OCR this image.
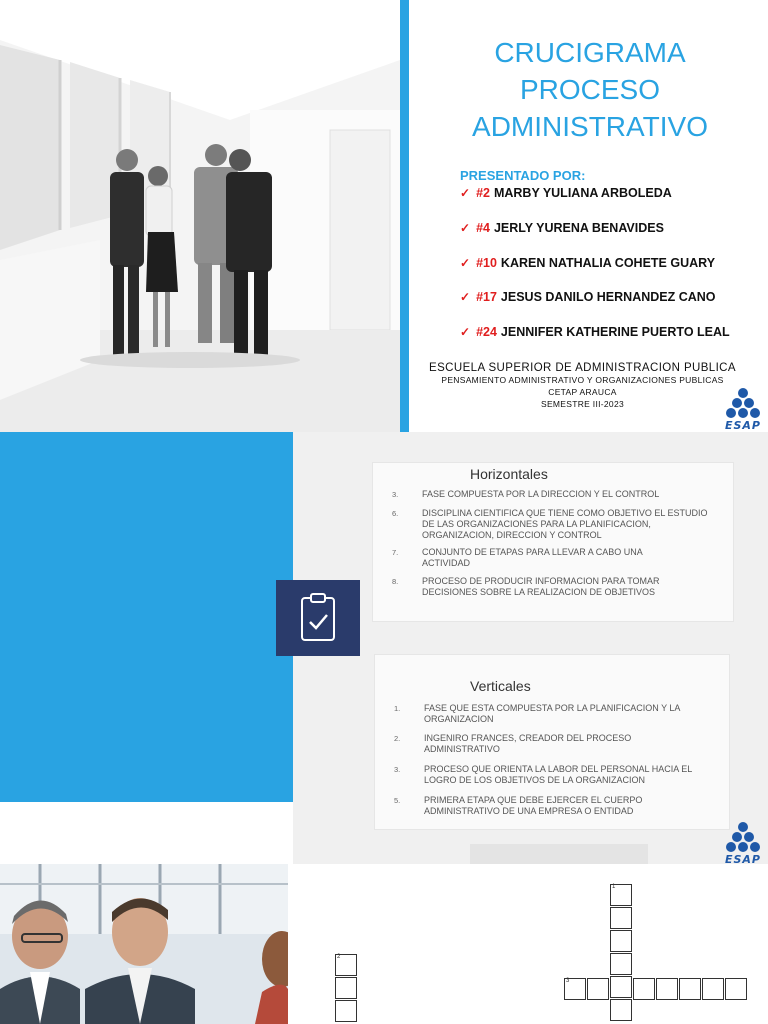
CRUCIGRAMA
PROCESO
ADMINISTRATIVO
PRESENTADO POR:
✓ #2 MARBY YULIANA ARBOLEDA
✓ #4 JERLY YURENA BENAVIDES
✓ #10 KAREN NATHALIA COHETE GUARY
✓ #17 JESUS DANILO HERNANDEZ CANO
✓ #24 JENNIFER KATHERINE PUERTO LEAL
ESCUELA SUPERIOR DE ADMINISTRACION PUBLICA
PENSAMIENTO ADMINISTRATIVO Y ORGANIZACIONES PUBLICAS
CETAP ARAUCA
SEMESTRE III-2023
ESAP
Horizontales
3.	FASE COMPUESTA POR LA DIRECCION Y EL CONTROL
6.	DISCIPLINA CIENTIFICA QUE TIENE COMO OBJETIVO EL ESTUDIO DE LAS ORGANIZACIONES PARA LA PLANIFICACION, ORGANIZACION, DIRECCION Y CONTROL
7.	CONJUNTO DE ETAPAS PARA LLEVAR A CABO UNA ACTIVIDAD
8.	PROCESO DE PRODUCIR INFORMACION PARA TOMAR DECISIONES SOBRE LA REALIZACION DE OBJETIVOS
Verticales
1.	FASE QUE ESTA COMPUESTA POR LA PLANIFICACION Y LA ORGANIZACION
2.	INGENIRO FRANCES, CREADOR DEL PROCESO ADMINISTRATIVO
3.	PROCESO QUE ORIENTA LA LABOR DEL PERSONAL HACIA EL LOGRO DE LOS OBJETIVOS DE LA ORGANIZACION
5.	PRIMERA ETAPA QUE DEBE EJERCER EL CUERPO ADMINISTRATIVO DE UNA EMPRESA O ENTIDAD
ESAP
1
2
3
